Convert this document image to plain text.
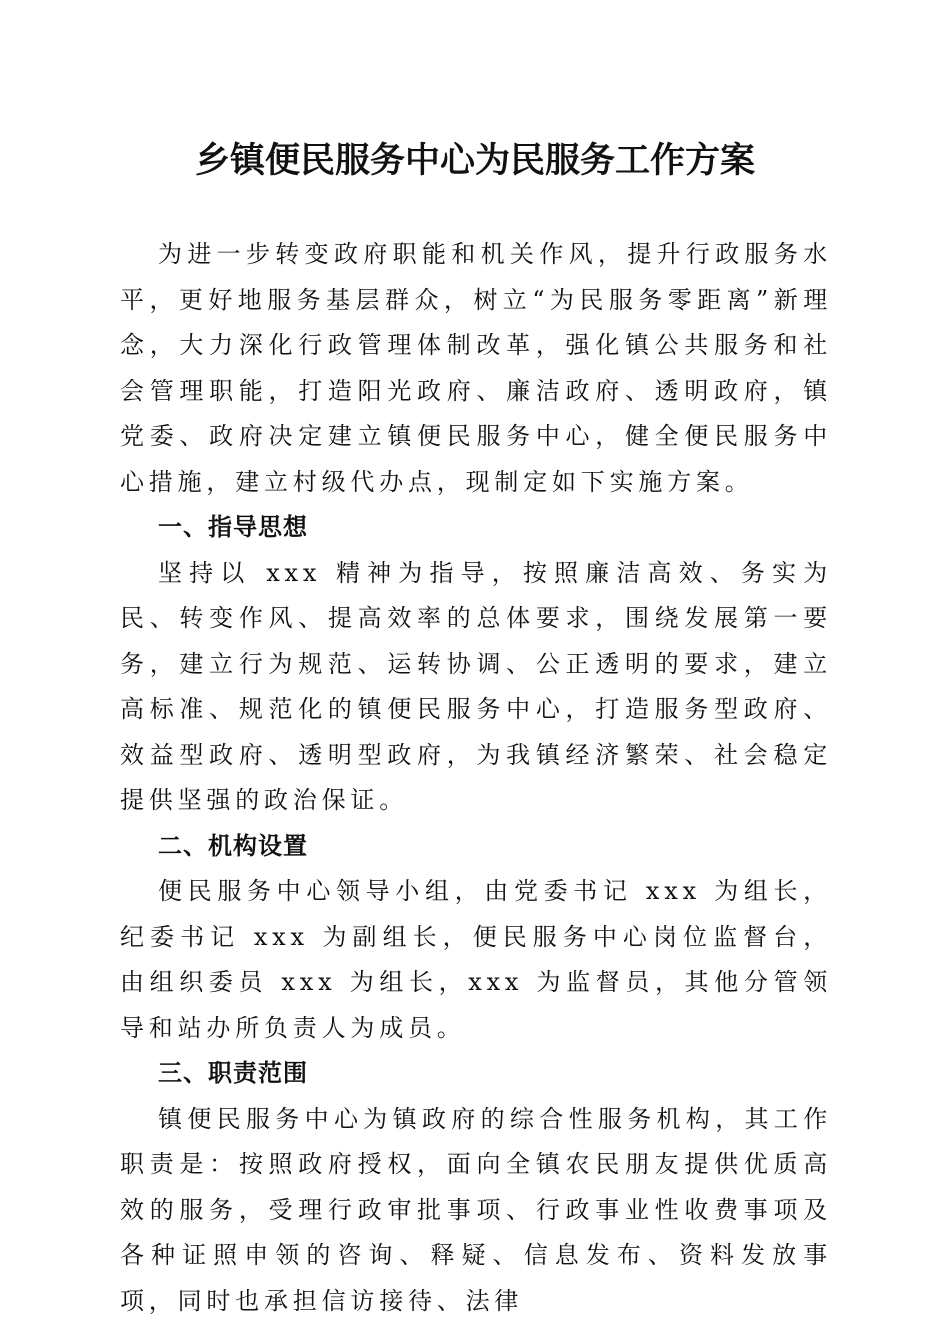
乡镇便民服务中心为民服务工作方案

为进一步转变政府职能和机关作风，提升行政服务水平，更好地服务基层群众，树立“为民服务零距离”新理念，大力深化行政管理体制改革，强化镇公共服务和社会管理职能，打造阳光政府、廉洁政府、透明政府，镇党委、政府决定建立镇便民服务中心，健全便民服务中心措施，建立村级代办点，现制定如下实施方案。

一、指导思想

坚持以 xxx 精神为指导，按照廉洁高效、务实为民、转变作风、提高效率的总体要求，围绕发展第一要务，建立行为规范、运转协调、公正透明的要求，建立高标准、规范化的镇便民服务中心，打造服务型政府、效益型政府、透明型政府，为我镇经济繁荣、社会稳定提供坚强的政治保证。

二、机构设置

便民服务中心领导小组，由党委书记 xxx 为组长，纪委书记 xxx 为副组长，便民服务中心岗位监督台，由组织委员 xxx 为组长，xxx 为监督员，其他分管领导和站办所负责人为成员。

三、职责范围

镇便民服务中心为镇政府的综合性服务机构，其工作职责是：按照政府授权，面向全镇农民朋友提供优质高效的服务，受理行政审批事项、行政事业性收费事项及各种证照申领的咨询、释疑、信息发布、资料发放事项，同时也承担信访接待、法律
